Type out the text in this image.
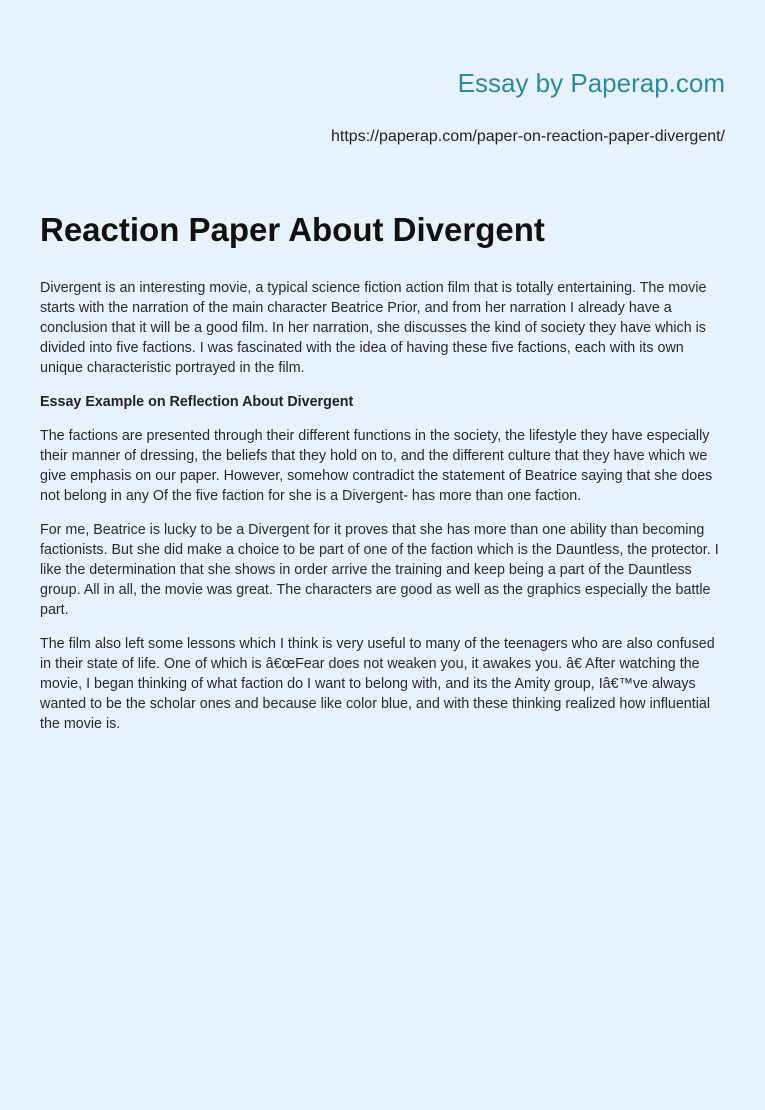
Essay by Paperap.com
https://paperap.com/paper-on-reaction-paper-divergent/
Reaction Paper About Divergent

Divergent is an interesting movie, a typical science fiction action film that is totally entertaining. The movie starts with the narration of the main character Beatrice Prior, and from her narration I already have a conclusion that it will be a good film. In her narration, she discusses the kind of society they have which is divided into five factions. I was fascinated with the idea of having these five factions, each with its own unique characteristic portrayed in the film.

Essay Example on Reflection About Divergent

The factions are presented through their different functions in the society, the lifestyle they have especially their manner of dressing, the beliefs that they hold on to, and the different culture that they have which we give emphasis on our paper. However, somehow contradict the statement of Beatrice saying that she does not belong in any Of the five faction for she is a Divergent- has more than one faction.

For me, Beatrice is lucky to be a Divergent for it proves that she has more than one ability than becoming factionists. But she did make a choice to be part of one of the faction which is the Dauntless, the protector. I like the determination that she shows in order arrive the training and keep being a part of the Dauntless group. All in all, the movie was great. The characters are good as well as the graphics especially the battle part.

The film also left some lessons which I think is very useful to many of the teenagers who are also confused in their state of life. One of which is â€œFear does not weaken you, it awakes you. â€ After watching the movie, I began thinking of what faction do I want to belong with, and its the Amity group, Iâ€™ve always wanted to be the scholar ones and because like color blue, and with these thinking realized how influential the movie is.
